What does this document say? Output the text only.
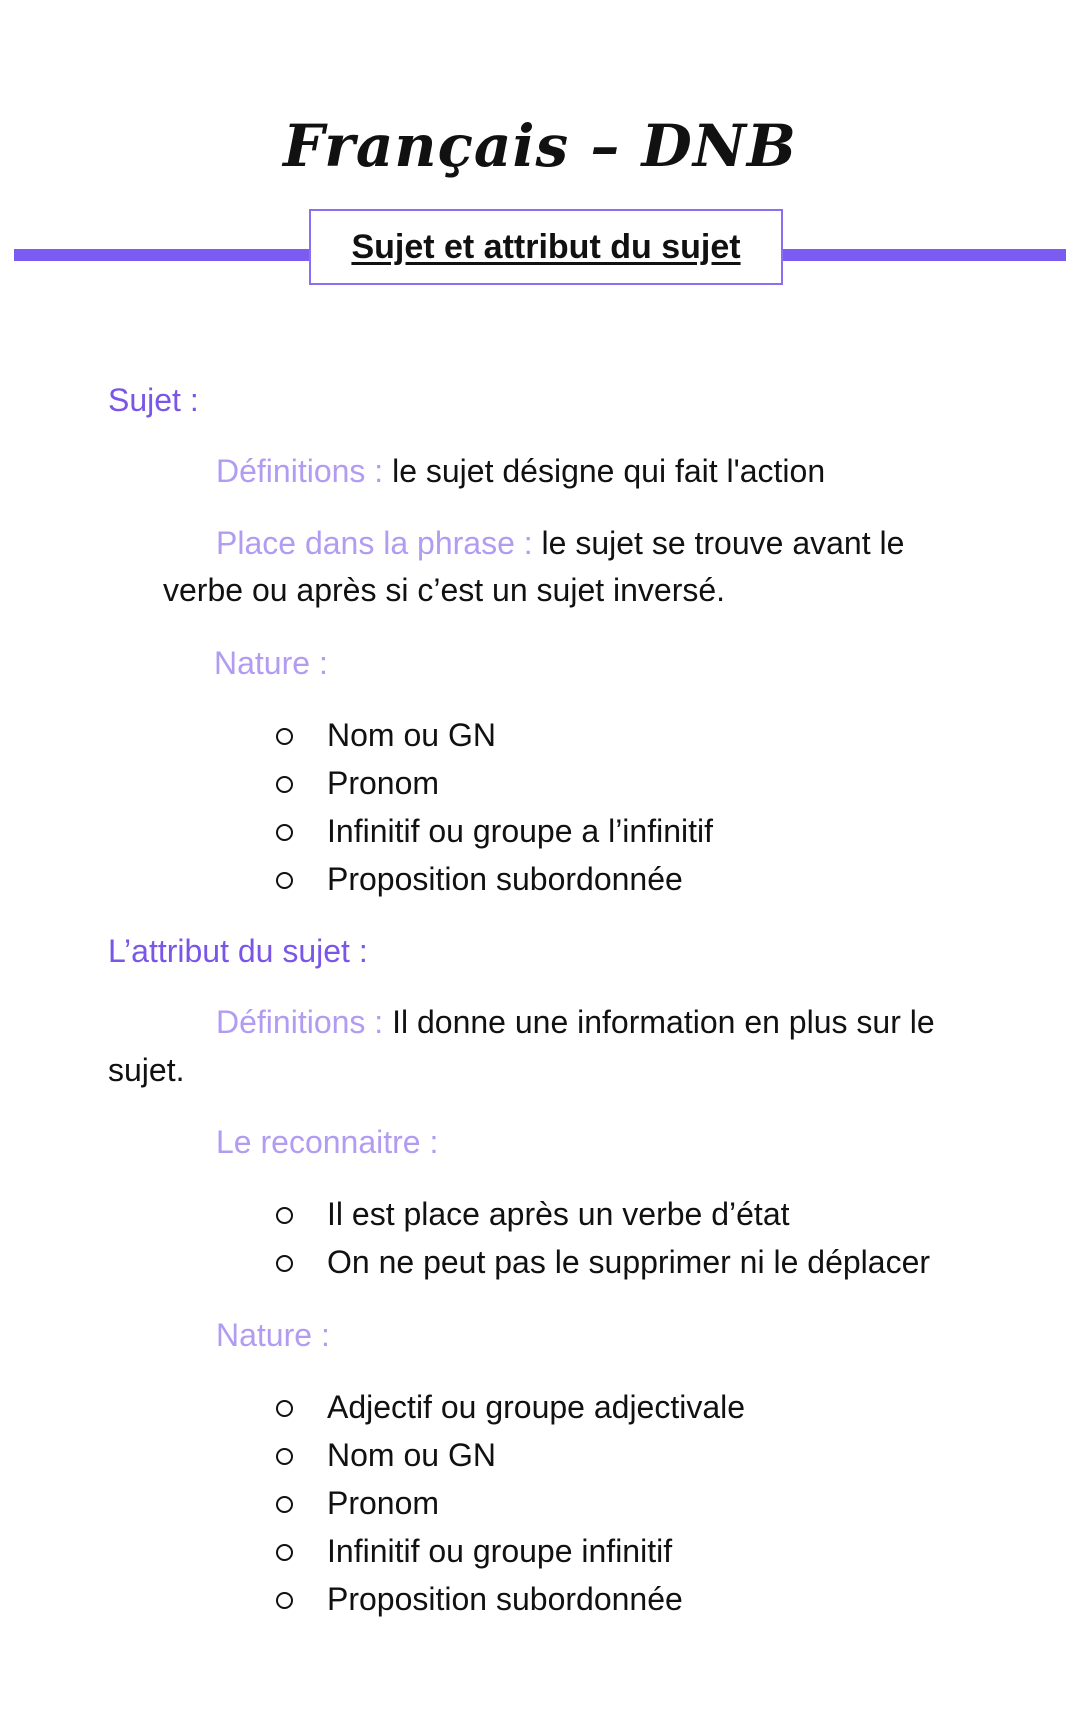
Français – DNB
Sujet et attribut du sujet

Sujet :

Définitions : le sujet désigne qui fait l'action

Place dans la phrase : le sujet se trouve avant le

verbe ou après si c’est un sujet inversé.

Nature :

Nom ou GN
Pronom
Infinitif ou groupe a l’infinitif
Proposition subordonnée

L’attribut du sujet :

Définitions : Il donne une information en plus sur le

sujet.

Le reconnaitre :

Il est place après un verbe d’état
On ne peut pas le supprimer ni le déplacer

Nature :

Adjectif ou groupe adjectivale
Nom ou GN
Pronom
Infinitif ou groupe infinitif
Proposition subordonnée
